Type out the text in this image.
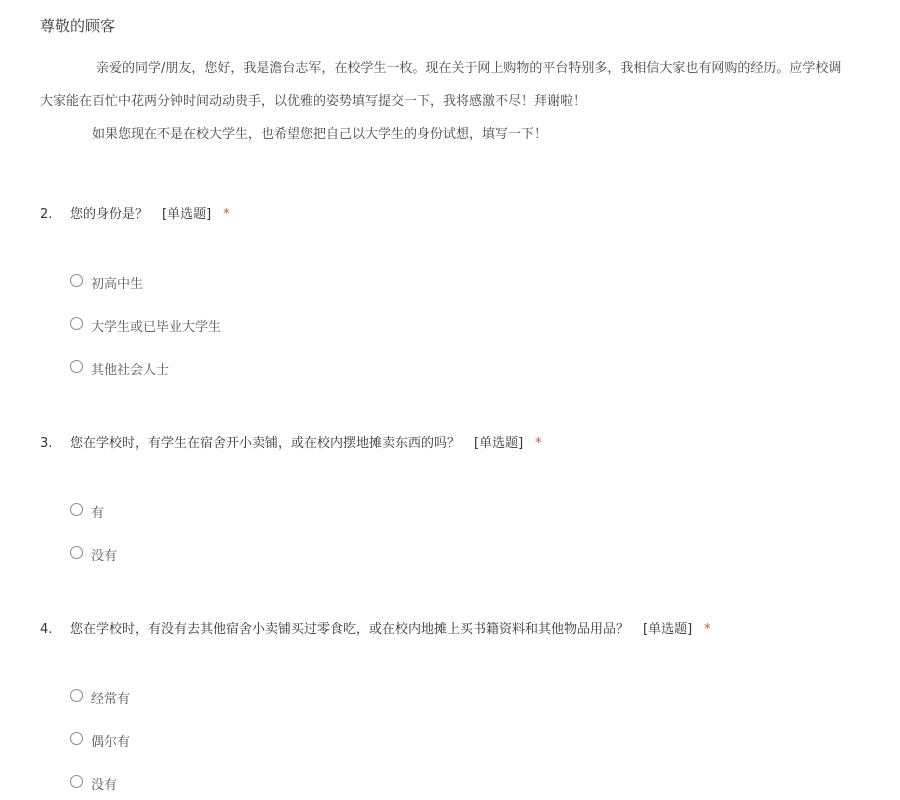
尊敬的顾客
亲爱的同学/朋友，您好，我是澹台志军，在校学生一枚。现在关于网上购物的平台特别多，我相信大家也有网购的经历。应学校调
大家能在百忙中花两分钟时间动动贵手，以优雅的姿势填写提交一下，我将感激不尽！拜谢啦！
如果您现在不是在校大学生，也希望您把自己以大学生的身份试想，填写一下！
2. 您的身份是？ [单选题] *
初高中生
大学生或已毕业大学生
其他社会人士
3. 您在学校时，有学生在宿舍开小卖铺，或在校内摆地摊卖东西的吗？ [单选题] *
有
没有
4. 您在学校时，有没有去其他宿舍小卖铺买过零食吃，或在校内地摊上买书籍资料和其他物品用品？ [单选题] *
经常有
偶尔有
没有
